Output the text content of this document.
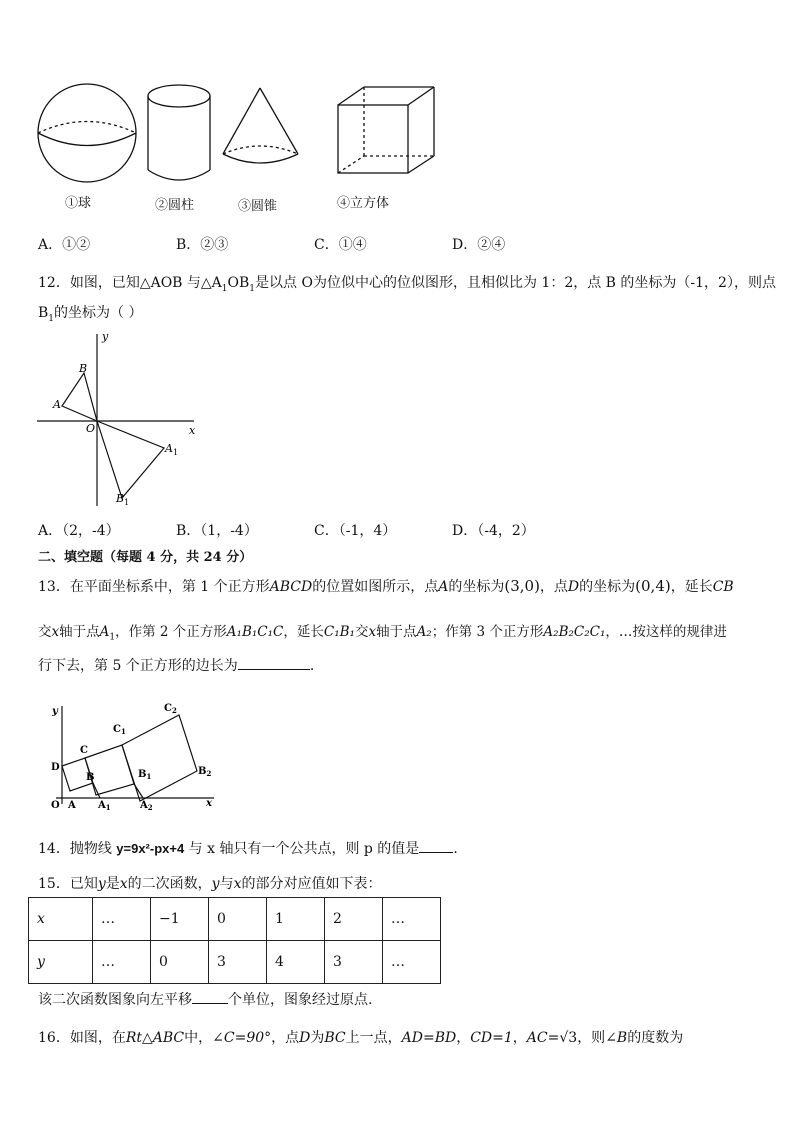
①球	②圆柱	③圆锥	④立方体
A．①②	B．②③	C．①④	D．②④
12．如图，已知△AOB 与$\triangle A_1OB_1$是以点 O为位似中心的位似图形，且相似比为 1：2，点 B 的坐标为（-1，2），则点
$B_1$的坐标为（ ）
y
x
O
B
A
$A_1$
$B_1$
A．（2，-4）	B．（1，-4）	C．（-1，4）	D．（-4，2）
二、填空题（每题 4 分，共 24 分）
13．在平面坐标系中，第 1 个正方形ABCD的位置如图所示，点A的坐标为(3,0)，点D的坐标为(0,4)，延长CB
交x轴于点$A_1$，作第 2 个正方形A₁B₁C₁C，延长C₁B₁交x轴于点A₂；作第 3 个正方形A₂B₂C₂C₁，…按这样的规律进
行下去，第 5 个正方形的边长为	.
y
C
$C_1$
$C_2$
D
B	$B_1$	$B_2$
O A $A_1$	$A_2$	x
14．抛物线 y=9x²-px+4 与 x 轴只有一个公共点，则 p 的值是 .
15．已知y是x的二次函数，y与x的部分对应值如下表：
x	…	−1	0	1	2	…
y	…	0	3	4	3	…
该二次函数图象向左平移	个单位，图象经过原点.
16．如图，在Rt△ABC中，∠C=90°，点D为BC上一点，AD=BD，CD=1，AC=√3，则∠B的度数为
